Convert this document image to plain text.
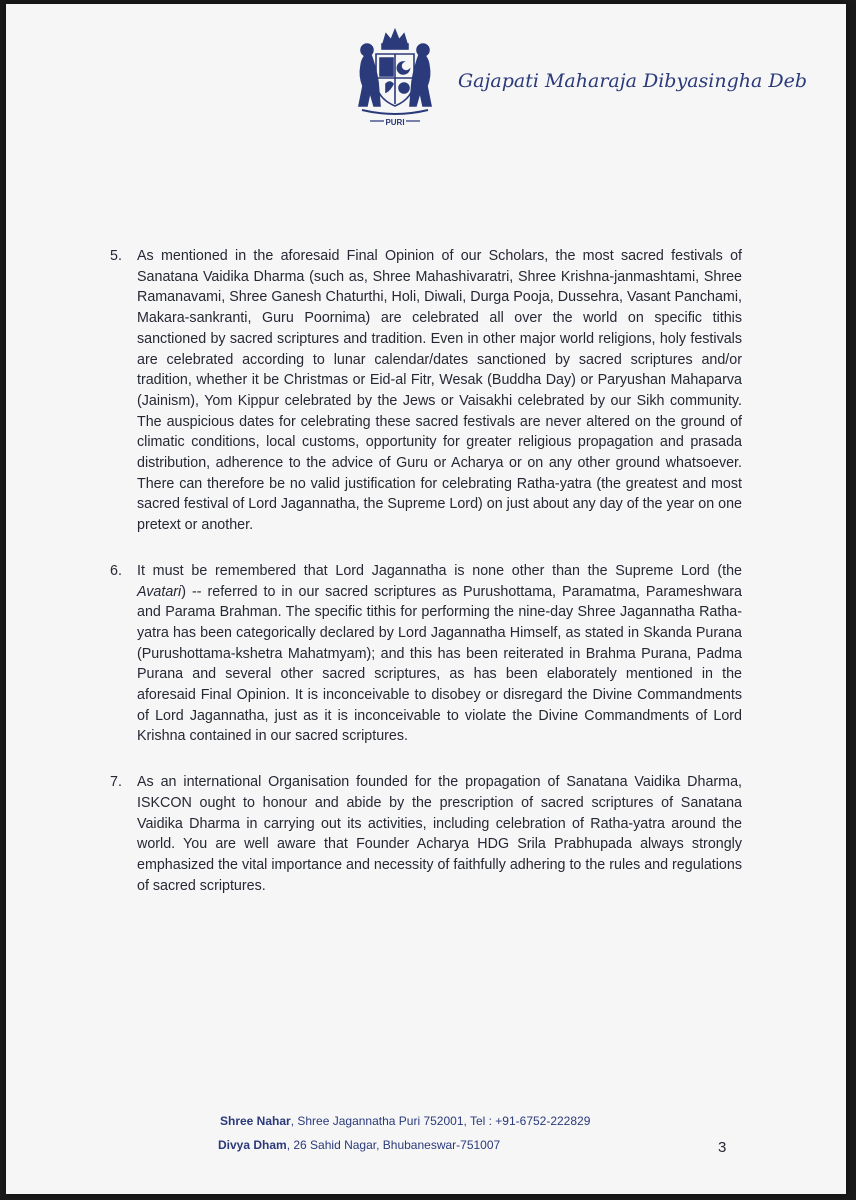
PURI
Gajapati Maharaja Dibyasingha Deb
5.	As mentioned in the aforesaid Final Opinion of our Scholars, the most sacred festivals of Sanatana Vaidika Dharma (such as, Shree Mahashivaratri, Shree Krishna-janmashtami, Shree Ramanavami, Shree Ganesh Chaturthi, Holi, Diwali, Durga Pooja, Dussehra, Vasant Panchami, Makara-sankranti, Guru Poornima) are celebrated all over the world on specific tithis sanctioned by sacred scriptures and tradition. Even in other major world religions, holy festivals are celebrated according to lunar calendar/dates sanctioned by sacred scriptures and/or tradition, whether it be Christmas or Eid-al Fitr, Wesak (Buddha Day) or Paryushan Mahaparva (Jainism), Yom Kippur celebrated by the Jews or Vaisakhi celebrated by our Sikh community. The auspicious dates for celebrating these sacred festivals are never altered on the ground of climatic conditions, local customs, opportunity for greater religious propagation and prasada distribution, adherence to the advice of Guru or Acharya or on any other ground whatsoever. There can therefore be no valid justification for celebrating Ratha-yatra (the greatest and most sacred festival of Lord Jagannatha, the Supreme Lord) on just about any day of the year on one pretext or another.
6.	It must be remembered that Lord Jagannatha is none other than the Supreme Lord (the Avatari) -- referred to in our sacred scriptures as Purushottama, Paramatma, Parameshwara and Parama Brahman. The specific tithis for performing the nine-day Shree Jagannatha Ratha-yatra has been categorically declared by Lord Jagannatha Himself, as stated in Skanda Purana (Purushottama-kshetra Mahatmyam); and this has been reiterated in Brahma Purana, Padma Purana and several other sacred scriptures, as has been elaborately mentioned in the aforesaid Final Opinion. It is inconceivable to disobey or disregard the Divine Commandments of Lord Jagannatha, just as it is inconceivable to violate the Divine Commandments of Lord Krishna contained in our sacred scriptures.
7.	As an international Organisation founded for the propagation of Sanatana Vaidika Dharma, ISKCON ought to honour and abide by the prescription of sacred scriptures of Sanatana Vaidika Dharma in carrying out its activities, including celebration of Ratha-yatra around the world. You are well aware that Founder Acharya HDG Srila Prabhupada always strongly emphasized the vital importance and necessity of faithfully adhering to the rules and regulations of sacred scriptures.
Shree Nahar, Shree Jagannatha Puri 752001, Tel : +91-6752-222829
Divya Dham, 26 Sahid Nagar, Bhubaneswar-751007	3
